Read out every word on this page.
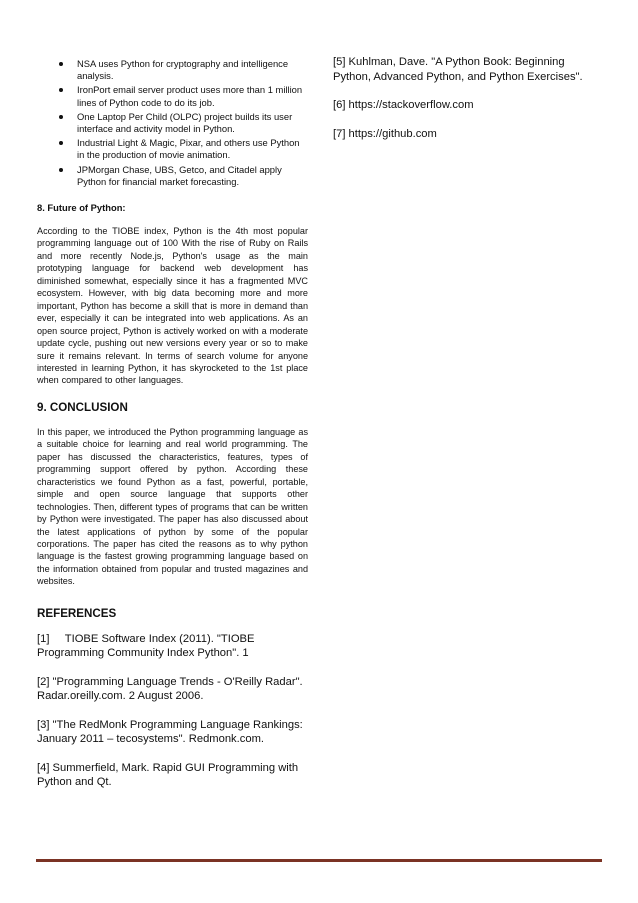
NSA uses Python for cryptography and intelligence analysis.
IronPort email server product uses more than 1 million lines of Python code to do its job.
One Laptop Per Child (OLPC) project builds its user interface and activity model in Python.
Industrial Light & Magic, Pixar, and others use Python in the production of movie animation.
JPMorgan Chase, UBS, Getco, and Citadel apply Python for financial market forecasting.
8. Future of Python:

According to the TIOBE index, Python is the 4th most popular programming language out of 100 With the rise of Ruby on Rails and more recently Node.js, Python's usage as the main prototyping language for backend web development has diminished somewhat, especially since it has a fragmented MVC ecosystem. However, with big data becoming more and more important, Python has become a skill that is more in demand than ever, especially it can be integrated into web applications. As an open source project, Python is actively worked on with a moderate update cycle, pushing out new versions every year or so to make sure it remains relevant. In terms of search volume for anyone interested in learning Python, it has skyrocketed to the 1st place when compared to other languages.

9. CONCLUSION

In this paper, we introduced the Python programming language as a suitable choice for learning and real world programming. The paper has discussed the characteristics, features, types of programming support offered by python. According these characteristics we found Python as a fast, powerful, portable, simple and open source language that supports other technologies. Then, different types of programs that can be written by Python were investigated. The paper has also discussed about the latest applications of python by some of the popular corporations. The paper has cited the reasons as to why python language is the fastest growing programming language based on the information obtained from popular and trusted magazines and websites.

REFERENCES

[1]     TIOBE Software Index (2011). "TIOBE Programming Community Index Python". 1

[2] "Programming Language Trends - O'Reilly Radar". Radar.oreilly.com. 2 August 2006.

[3] "The RedMonk Programming Language Rankings: January 2011 – tecosystems". Redmonk.com.

[4] Summerfield, Mark. Rapid GUI Programming with Python and Qt.

[5] Kuhlman, Dave. "A Python Book: Beginning Python, Advanced Python, and Python Exercises".

[6] https://stackoverflow.com

[7] https://github.com
